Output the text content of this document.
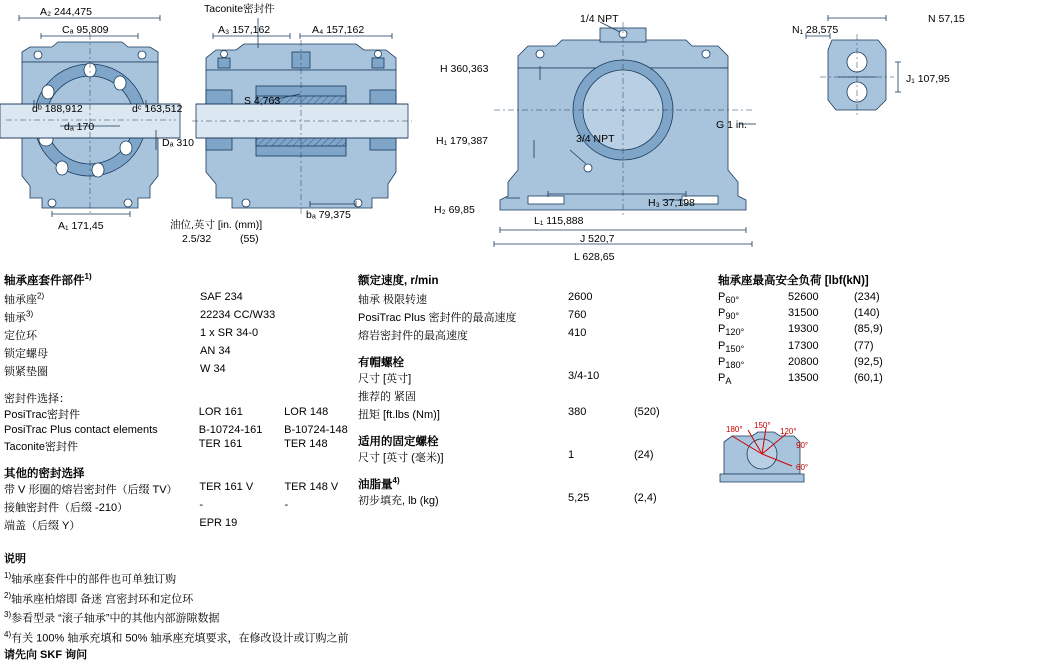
A₂ 244,475
Cₐ 95,809
dᵇ 188,912	dᶜ 163,512
dₐ 170
Dₐ 310
A₁ 171,45
Taconite密封件
A₃ 157,162	A₄ 157,162
S 4,763
bₐ 79,375
油位,英寸 [in. (mm)]
2.5/32	(55)
1/4 NPT
3/4 NPT
H 360,363
H₁ 179,387
H₂ 69,85
H₃ 37,198
L₁ 115,888
J 520,7
L 628,65
G 1 in.
N 57,15
N₁ 28,575
J₁ 107,95
轴承座套件部件$^{1)}$
轴承座$^{2)}$	SAF 234
轴承$^{3)}$	22234 CC/W33
定位环	1 x SR 34-0
锁定螺母	AN 34
锁紧垫圈	W 34
密封件选择：
PosiTrac密封件	LOR 161	LOR 148
PosiTrac Plus contact elements	B-10724-161	B-10724-148
Taconite密封件	TER 161	TER 148
其他的密封选择
带 V 形圈的熔岩密封件（后缀 TV）	TER 161 V	TER 148 V
接触密封件（后缀 -210）	-	-
端盖（后缀 Y）	EPR 19	
额定速度, r/min
轴承 极限转速	2600
PosiTrac Plus 密封件的最高速度	760
熔岩密封件的最高速度	410
有帽螺栓
尺寸 [英寸]	3/4-10	
推荐的 紧固		
扭矩 [ft.lbs (Nm)]	380	(520)
适用的固定螺栓
尺寸 [英寸 (毫米)]	1	(24)
油脂量$^{4)}$
初步填充, lb (kg)	5,25	(2,4)
轴承座最高安全负荷 [lbf(kN)]
$P_{60^\circ}$	52600	(234)
$P_{90^\circ}$	31500	(140)
$P_{120^\circ}$	19300	(85,9)
$P_{150^\circ}$	17300	(77)
$P_{180^\circ}$	20800	(92,5)
$P_A$	13500	(60,1)
180° 150°
120°
90°
60°
说明
$^{1)}$轴承座套件中的部件也可单独订购
$^{2)}$轴承座柏熔即 备迷 宫密封环和定位环
$^{3)}$参看型录 “滚子轴承”中的其他内部游隙数据
$^{4)}$有关 100% 轴承充填和 50% 轴承座充填要求，在修改设计或订购之前
请先向 SKF 询问
